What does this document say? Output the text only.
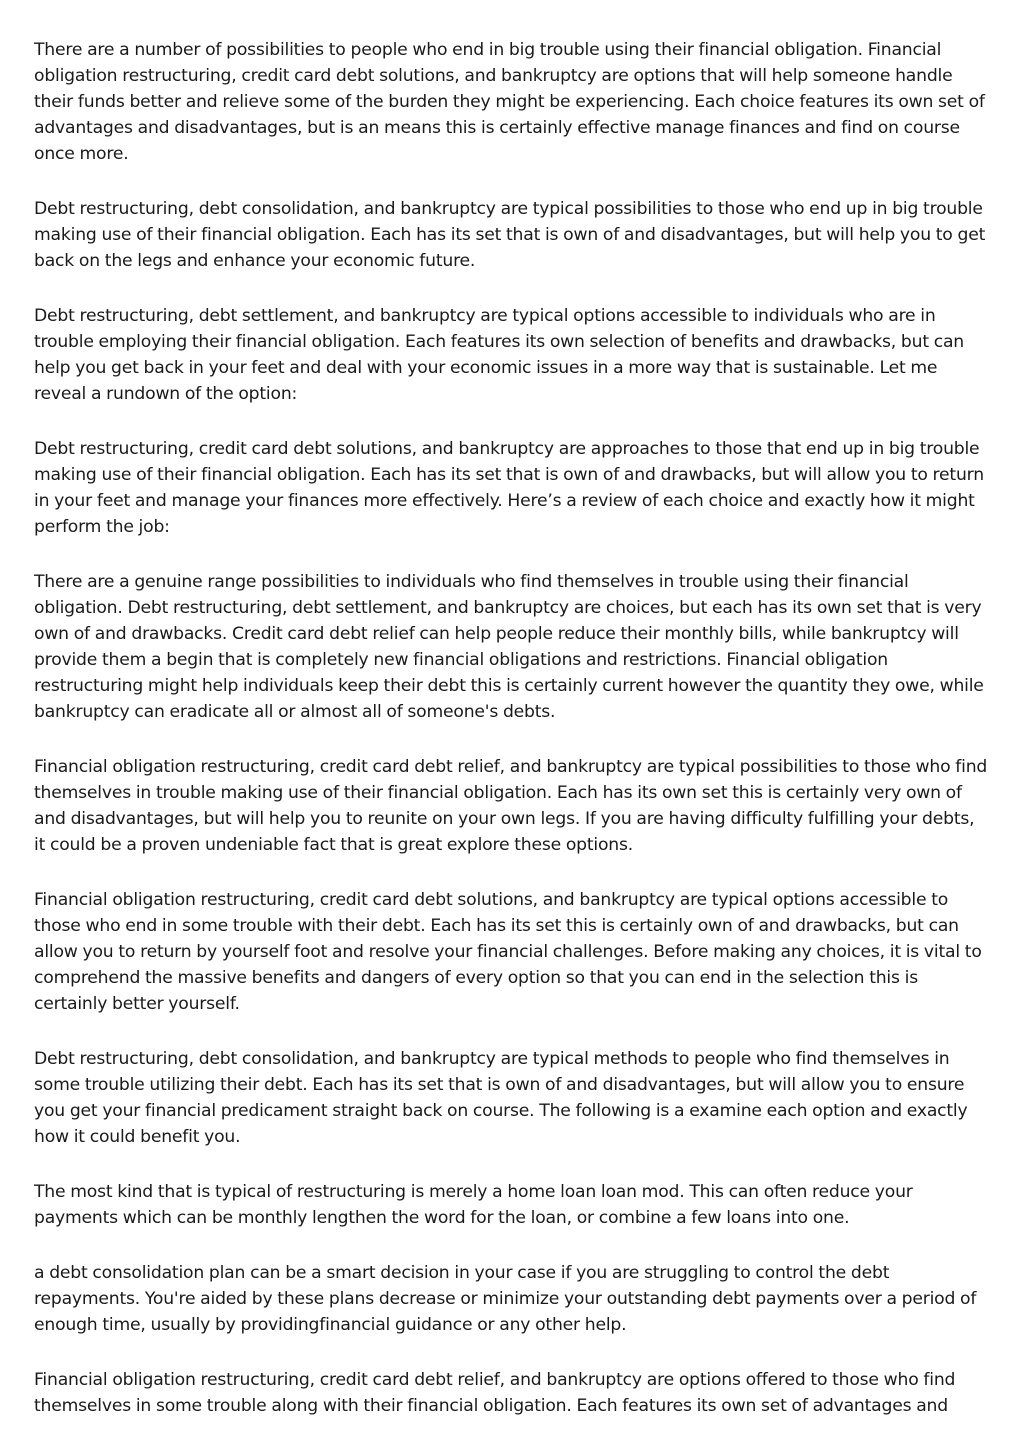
There are a number of possibilities to people who end in big trouble using their financial obligation. Financial obligation restructuring, credit card debt solutions, and bankruptcy are options that will help someone handle their funds better and relieve some of the burden they might be experiencing. Each choice features its own set of advantages and disadvantages, but is an means this is certainly effective manage finances and find on course once more.

Debt restructuring, debt consolidation, and bankruptcy are typical possibilities to those who end up in big trouble making use of their financial obligation. Each has its set that is own of and disadvantages, but will help you to get back on the legs and enhance your economic future.

Debt restructuring, debt settlement, and bankruptcy are typical options accessible to individuals who are in trouble employing their financial obligation. Each features its own selection of benefits and drawbacks, but can help you get back in your feet and deal with your economic issues in a more way that is sustainable. Let me reveal a rundown of the option:

Debt restructuring, credit card debt solutions, and bankruptcy are approaches to those that end up in big trouble making use of their financial obligation. Each has its set that is own of and drawbacks, but will allow you to return in your feet and manage your finances more effectively. Here’s a review of each choice and exactly how it might perform the job:

There are a genuine range possibilities to individuals who find themselves in trouble using their financial obligation. Debt restructuring, debt settlement, and bankruptcy are choices, but each has its own set that is very own of and drawbacks. Credit card debt relief can help people reduce their monthly bills, while bankruptcy will provide them a begin that is completely new financial obligations and restrictions. Financial obligation restructuring might help individuals keep their debt this is certainly current however the quantity they owe, while bankruptcy can eradicate all or almost all of someone's debts.

Financial obligation restructuring, credit card debt relief, and bankruptcy are typical possibilities to those who find themselves in trouble making use of their financial obligation. Each has its own set this is certainly very own of and disadvantages, but will help you to reunite on your own legs. If you are having difficulty fulfilling your debts, it could be a proven undeniable fact that is great explore these options.

Financial obligation restructuring, credit card debt solutions, and bankruptcy are typical options accessible to those who end in some trouble with their debt. Each has its set this is certainly own of and drawbacks, but can allow you to return by yourself foot and resolve your financial challenges. Before making any choices, it is vital to comprehend the massive benefits and dangers of every option so that you can end in the selection this is certainly better yourself.

Debt restructuring, debt consolidation, and bankruptcy are typical methods to people who find themselves in some trouble utilizing their debt. Each has its set that is own of and disadvantages, but will allow you to ensure you get your financial predicament straight back on course. The following is a examine each option and exactly how it could benefit you.

The most kind that is typical of restructuring is merely a home loan loan mod. This can often reduce your payments which can be monthly lengthen the word for the loan, or combine a few loans into one.

a debt consolidation plan can be a smart decision in your case if you are struggling to control the debt repayments. You're aided by these plans decrease or minimize your outstanding debt payments over a period of enough time, usually by providingfinancial guidance or any other help.

Financial obligation restructuring, credit card debt relief, and bankruptcy are options offered to those who find themselves in some trouble along with their financial obligation. Each features its own set of advantages and
